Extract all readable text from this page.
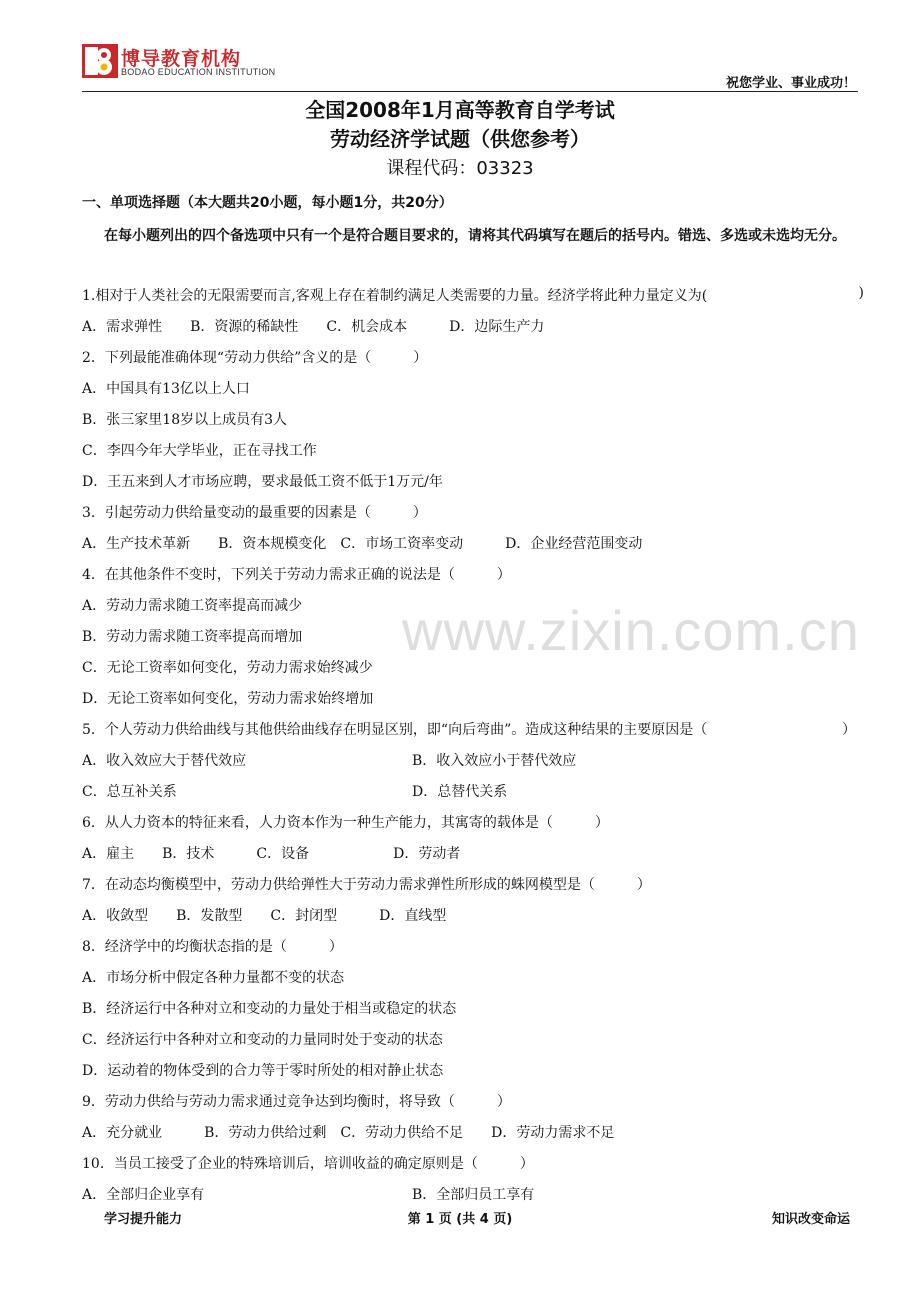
博导教育机构
BODAO EDUCATION INSTITUTION
祝您学业、事业成功！
全国2008年1月高等教育自学考试
劳动经济学试题（供您参考）
课程代码：03323
一、单项选择题（本大题共20小题，每小题1分，共20分）
在每小题列出的四个备选项中只有一个是符合题目要求的，请将其代码填写在题后的括号内。错选、多选或未选均无分。
1.相对于人类社会的无限需要而言,客观上存在着制约满足人类需要的力量。经济学将此种力量定义为(	)
A．需求弹性　　B．资源的稀缺性　　C．机会成本　　　D．边际生产力
2．下列最能准确体现“劳动力供给”含义的是（　　　）
A．中国具有13亿以上人口
B．张三家里18岁以上成员有3人
C．李四今年大学毕业，正在寻找工作
D．王五来到人才市场应聘，要求最低工资不低于1万元/年
3．引起劳动力供给量变动的最重要的因素是（　　　）
A．生产技术革新　　B．资本规模变化　C．市场工资率变动　　　D．企业经营范围变动
4．在其他条件不变时，下列关于劳动力需求正确的说法是（　　　）
A．劳动力需求随工资率提高而减少
B．劳动力需求随工资率提高而增加
C．无论工资率如何变化，劳动力需求始终减少
D．无论工资率如何变化，劳动力需求始终增加
5．个人劳动力供给曲线与其他供给曲线存在明显区别，即“向后弯曲”。造成这种结果的主要原因是（	）
A．收入效应大于替代效应	B．收入效应小于替代效应
C．总互补关系	D．总替代关系
6．从人力资本的特征来看，人力资本作为一种生产能力，其寓寄的载体是（　　　）
A．雇主　　B．技术　　　C．设备　　　　　　D．劳动者
7．在动态均衡模型中，劳动力供给弹性大于劳动力需求弹性所形成的蛛网模型是（　　　）
A．收敛型　　B．发散型　　C．封闭型　　　D．直线型
8．经济学中的均衡状态指的是（　　　）
A．市场分析中假定各种力量都不变的状态
B．经济运行中各种对立和变动的力量处于相当或稳定的状态
C．经济运行中各种对立和变动的力量同时处于变动的状态
D．运动着的物体受到的合力等于零时所处的相对静止状态
9．劳动力供给与劳动力需求通过竞争达到均衡时，将导致（　　　）
A．充分就业　　　B．劳动力供给过剩　C．劳动力供给不足　　D．劳动力需求不足
10．当员工接受了企业的特殊培训后，培训收益的确定原则是（　　　）
A．全部归企业享有	B．全部归员工享有
www.zixin.com.cn
学习提升能力	第 1 页 (共 4 页)	知识改变命运
